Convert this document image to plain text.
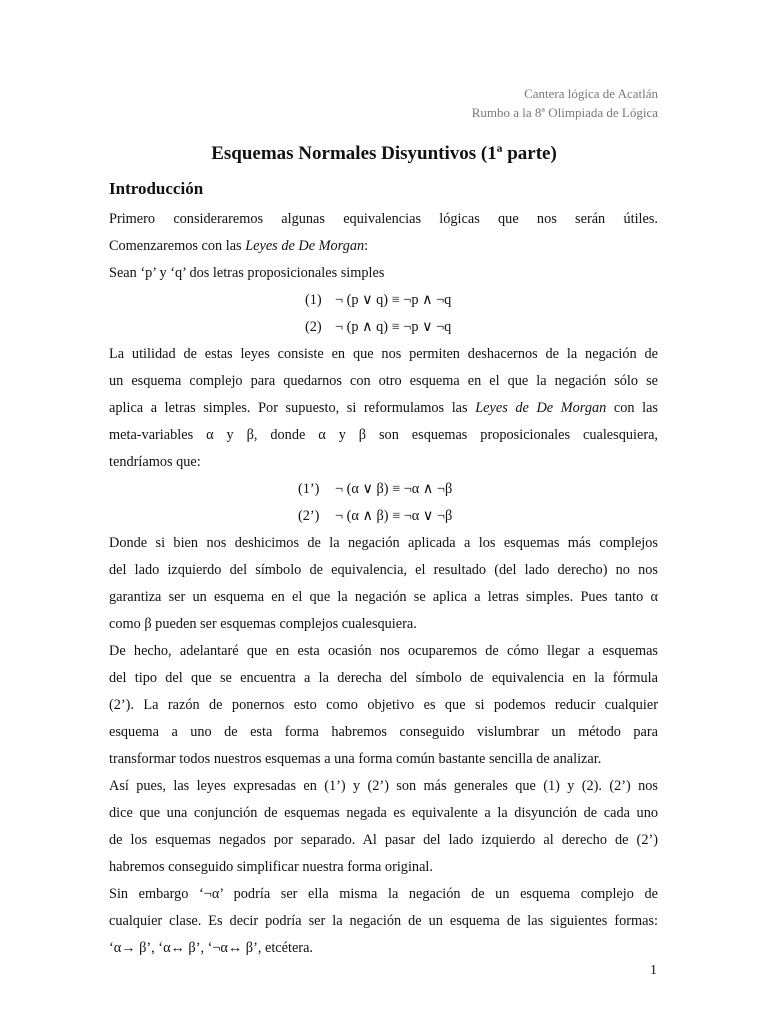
Cantera lógica de Acatlán
Rumbo a la 8ª Olimpiada de Lógica
Esquemas Normales Disyuntivos (1ª parte)
Introducción

Primero consideraremos algunas equivalencias lógicas que nos serán útiles.

Comenzaremos con las Leyes de De Morgan:

Sean ‘p’ y ‘q’ dos letras proposicionales simples

(1) ¬ (p ∨ q) ≡ ¬p ∧ ¬q

(2) ¬ (p ∧ q) ≡ ¬p ∨ ¬q

La utilidad de estas leyes consiste en que nos permiten deshacernos de la negación de

un esquema complejo para quedarnos con otro esquema en el que la negación sólo se

aplica a letras simples. Por supuesto, si reformulamos las Leyes de De Morgan con las

meta-variables α y β, donde α y β son esquemas proposicionales cualesquiera,

tendríamos que:

(1’) ¬ (α ∨ β) ≡ ¬α ∧ ¬β

(2’) ¬ (α ∧ β) ≡ ¬α ∨ ¬β

Donde si bien nos deshicimos de la negación aplicada a los esquemas más complejos

del lado izquierdo del símbolo de equivalencia, el resultado (del lado derecho) no nos

garantiza ser un esquema en el que la negación se aplica a letras simples. Pues tanto α

como β pueden ser esquemas complejos cualesquiera.

De hecho, adelantaré que en esta ocasión nos ocuparemos de cómo llegar a esquemas

del tipo del que se encuentra a la derecha del símbolo de equivalencia en la fórmula

(2’). La razón de ponernos esto como objetivo es que si podemos reducir cualquier

esquema a uno de esta forma habremos conseguido vislumbrar un método para

transformar todos nuestros esquemas a una forma común bastante sencilla de analizar.

Así pues, las leyes expresadas en (1’) y (2’) son más generales que (1) y (2). (2’) nos

dice que una conjunción de esquemas negada es equivalente a la disyunción de cada uno

de los esquemas negados por separado. Al pasar del lado izquierdo al derecho de (2’)

habremos conseguido simplificar nuestra forma original.

Sin embargo ‘¬α’ podría ser ella misma la negación de un esquema complejo de

cualquier clase. Es decir podría ser la negación de un esquema de las siguientes formas:

‘α→ β’, ‘α↔ β’, ‘¬α↔ β’, etcétera.

1
